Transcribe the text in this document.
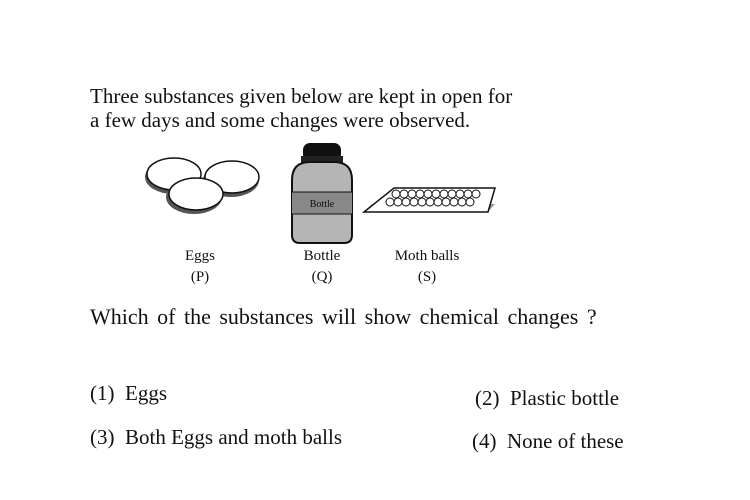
Three substances given below are kept in open for
a few days and some changes were observed.
Bottle
Eggs
(P)
Bottle
(Q)
Moth balls
(S)

Which of the substances will show chemical changes ?

(1) Eggs	(2) Plastic bottle
(3) Both Eggs and moth balls	(4) None of these
